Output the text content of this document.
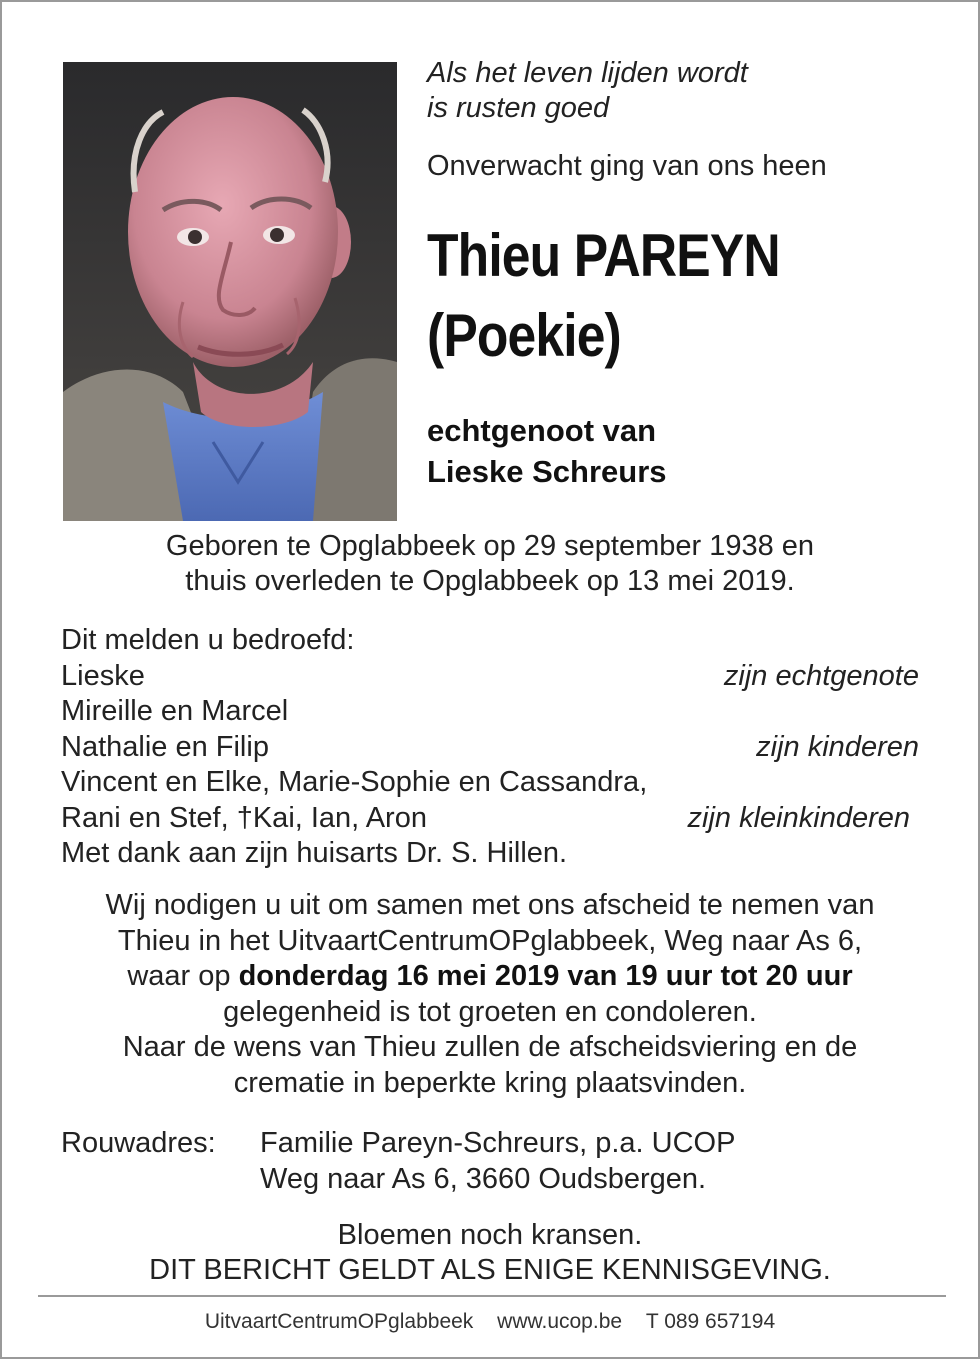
Als het leven lijden wordt
is rusten goed
Onverwacht ging van ons heen
Thieu PAREYN
(Poekie)
echtgenoot van
Lieske Schreurs
Geboren te Opglabbeek op 29 september 1938 en
thuis overleden te Opglabbeek op 13 mei 2019.
Dit melden u bedroefd:
Lieske	zijn echtgenote
Mireille en Marcel
Nathalie en Filip	zijn kinderen
Vincent en Elke, Marie-Sophie en Cassandra,
Rani en Stef, †Kai, Ian, Aron	zijn kleinkinderen
Met dank aan zijn huisarts Dr. S. Hillen.
Wij nodigen u uit om samen met ons afscheid te nemen van
Thieu in het UitvaartCentrumOPglabbeek, Weg naar As 6,
waar op donderdag 16 mei 2019 van 19 uur tot 20 uur
gelegenheid is tot groeten en condoleren.
Naar de wens van Thieu zullen de afscheidsviering en de
crematie in beperkte kring plaatsvinden.
Rouwadres: Familie Pareyn-Schreurs, p.a. UCOP
Weg naar As 6, 3660 Oudsbergen.
Bloemen noch kransen.
DIT BERICHT GELDT ALS ENIGE KENNISGEVING.
UitvaartCentrumOPglabbeek www.ucop.be T 089 657194
